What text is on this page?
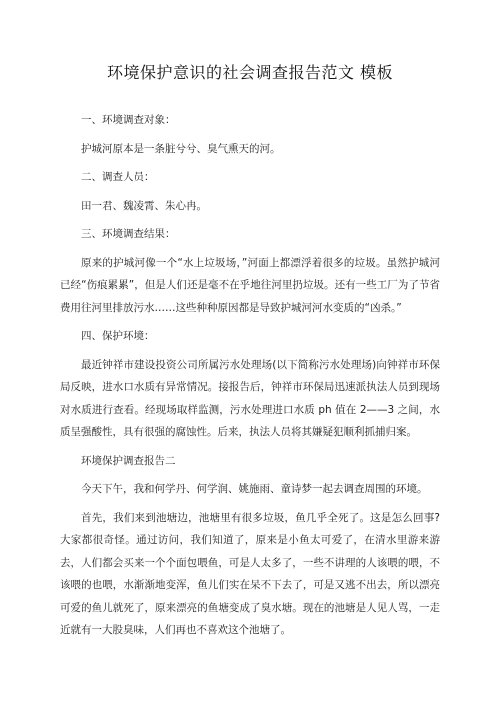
环境保护意识的社会调查报告范文 模板

一、环境调查对象：

护城河原本是一条脏兮兮、臭气熏天的河。

二、调查人员：

田一君、魏凌霄、朱心冉。

三、环境调查结果：

原来的护城河像一个“水上垃圾场，”河面上都漂浮着很多的垃圾。虽然护城河已经“伤痕累累”，但是人们还是毫不在乎地往河里扔垃圾。还有一些工厂为了节省费用往河里排放污水……这些种种原因都是导致护城河河水变质的“凶杀。”

四、保护环境：

最近钟祥市建设投资公司所属污水处理场(以下简称污水处理场)向钟祥市环保局反映，进水口水质有异常情况。接报告后，钟祥市环保局迅速派执法人员到现场对水质进行查看。经现场取样监测，污水处理进口水质 ph 值在 2——3 之间，水质呈强酸性，具有很强的腐蚀性。后来，执法人员将其嫌疑犯顺利抓捕归案。

环境保护调查报告二

今天下午，我和何学丹、何学润、姚施雨、童诗梦一起去调查周围的环境。

首先，我们来到池塘边，池塘里有很多垃圾，鱼几乎全死了。这是怎么回事?大家都很奇怪。通过访问，我们知道了，原来是小鱼太可爱了，在清水里游来游去，人们都会买来一个个面包喂鱼，可是人太多了，一些不讲理的人该喂的喂，不该喂的也喂，水渐渐地变浑，鱼儿们实在呆不下去了，可是又逃不出去，所以漂亮可爱的鱼儿就死了，原来漂亮的鱼塘变成了臭水塘。现在的池塘是人见人骂，一走近就有一大股臭味，人们再也不喜欢这个池塘了。
